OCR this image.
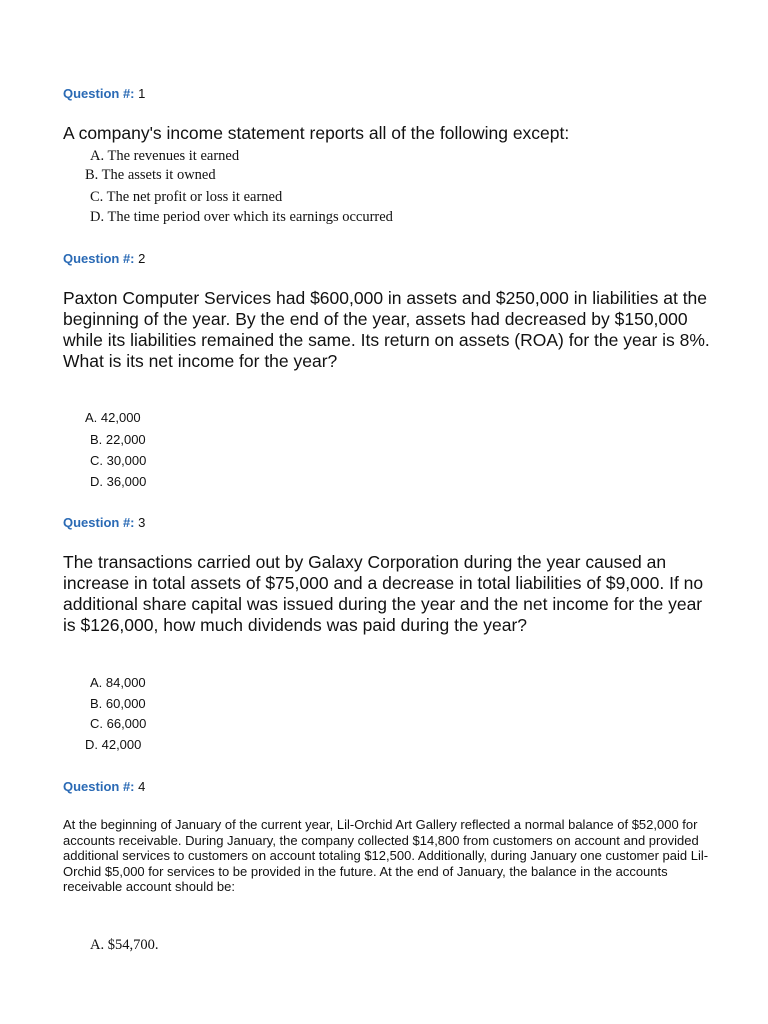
Question #: 1
A company's income statement reports all of the following except:
A. The revenues it earned
B. The assets it owned
C. The net profit or loss it earned
D. The time period over which its earnings occurred
Question #: 2
Paxton Computer Services had $600,000 in assets and $250,000 in liabilities at the beginning of the year. By the end of the year, assets had decreased by $150,000 while its liabilities remained the same. Its return on assets (ROA) for the year is 8%. What is its net income for the year?
A. 42,000
B. 22,000
C. 30,000
D. 36,000
Question #: 3
The transactions carried out by Galaxy Corporation during the year caused an increase in total assets of $75,000 and a decrease in total liabilities of $9,000. If no additional share capital was issued during the year and the net income for the year is $126,000, how much dividends was paid during the year?
A. 84,000
B. 60,000
C. 66,000
D. 42,000
Question #: 4
At the beginning of January of the current year, Lil-Orchid Art Gallery reflected a normal balance of $52,000 for accounts receivable. During January, the company collected $14,800 from customers on account and provided additional services to customers on account totaling $12,500. Additionally, during January one customer paid Lil-Orchid $5,000 for services to be provided in the future. At the end of January, the balance in the accounts receivable account should be:
A. $54,700.
